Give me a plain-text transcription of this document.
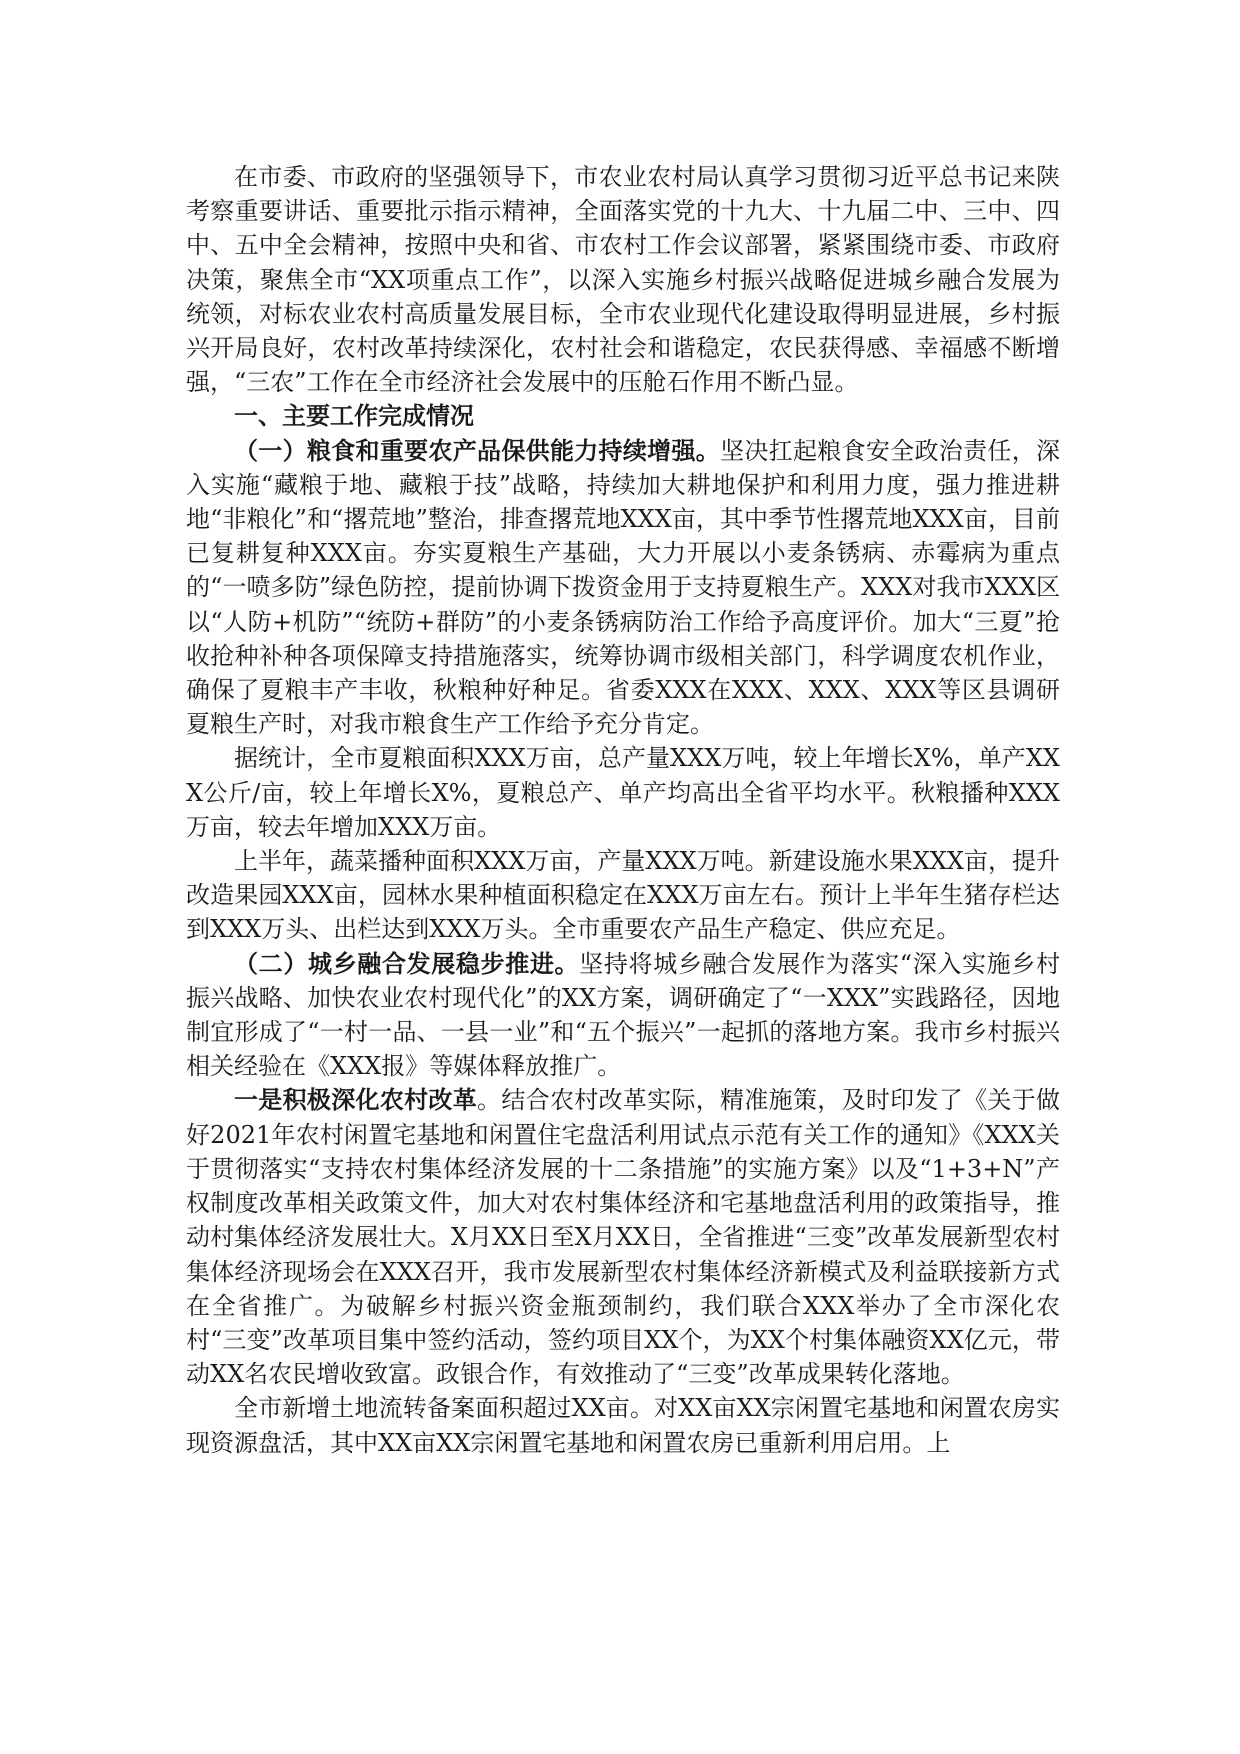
在市委、市政府的坚强领导下，市农业农村局认真学习贯彻习近平总书记来陕考察重要讲话、重要批示指示精神，全面落实党的十九大、十九届二中、三中、四中、五中全会精神，按照中央和省、市农村工作会议部署，紧紧围绕市委、市政府决策，聚焦全市“XX项重点工作”，以深入实施乡村振兴战略促进城乡融合发展为统领，对标农业农村高质量发展目标，全市农业现代化建设取得明显进展，乡村振兴开局良好，农村改革持续深化，农村社会和谐稳定，农民获得感、幸福感不断增强，“三农”工作在全市经济社会发展中的压舱石作用不断凸显。

一、主要工作完成情况

（一）粮食和重要农产品保供能力持续增强。坚决扛起粮食安全政治责任，深入实施“藏粮于地、藏粮于技”战略，持续加大耕地保护和利用力度，强力推进耕地“非粮化”和“撂荒地”整治，排查撂荒地XXX亩，其中季节性撂荒地XXX亩，目前已复耕复种XXX亩。夯实夏粮生产基础，大力开展以小麦条锈病、赤霉病为重点的“一喷多防”绿色防控，提前协调下拨资金用于支持夏粮生产。XXX对我市XXX区以“人防+机防”“统防+群防”的小麦条锈病防治工作给予高度评价。加大“三夏”抢收抢种补种各项保障支持措施落实，统筹协调市级相关部门，科学调度农机作业，确保了夏粮丰产丰收，秋粮种好种足。省委XXX在XXX、XXX、XXX等区县调研夏粮生产时，对我市粮食生产工作给予充分肯定。

据统计，全市夏粮面积XXX万亩，总产量XXX万吨，较上年增长X%，单产XXX公斤/亩，较上年增长X%，夏粮总产、单产均高出全省平均水平。秋粮播种XXX万亩，较去年增加XXX万亩。

上半年，蔬菜播种面积XXX万亩，产量XXX万吨。新建设施水果XXX亩，提升改造果园XXX亩，园林水果种植面积稳定在XXX万亩左右。预计上半年生猪存栏达到XXX万头、出栏达到XXX万头。全市重要农产品生产稳定、供应充足。

（二）城乡融合发展稳步推进。坚持将城乡融合发展作为落实“深入实施乡村振兴战略、加快农业农村现代化”的XX方案，调研确定了“一XXX”实践路径，因地制宜形成了“一村一品、一县一业”和“五个振兴”一起抓的落地方案。我市乡村振兴相关经验在《XXX报》等媒体释放推广。

一是积极深化农村改革。结合农村改革实际，精准施策，及时印发了《关于做好2021年农村闲置宅基地和闲置住宅盘活利用试点示范有关工作的通知》《XXX关于贯彻落实“支持农村集体经济发展的十二条措施”的实施方案》以及“1+3+N”产权制度改革相关政策文件，加大对农村集体经济和宅基地盘活利用的政策指导，推动村集体经济发展壮大。X月XX日至X月XX日，全省推进“三变”改革发展新型农村集体经济现场会在XXX召开，我市发展新型农村集体经济新模式及利益联接新方式在全省推广。为破解乡村振兴资金瓶颈制约，我们联合XXX举办了全市深化农村“三变”改革项目集中签约活动，签约项目XX个，为XX个村集体融资XX亿元，带动XX名农民增收致富。政银合作，有效推动了“三变”改革成果转化落地。

全市新增土地流转备案面积超过XX亩。对XX亩XX宗闲置宅基地和闲置农房实现资源盘活，其中XX亩XX宗闲置宅基地和闲置农房已重新利用启用。上
